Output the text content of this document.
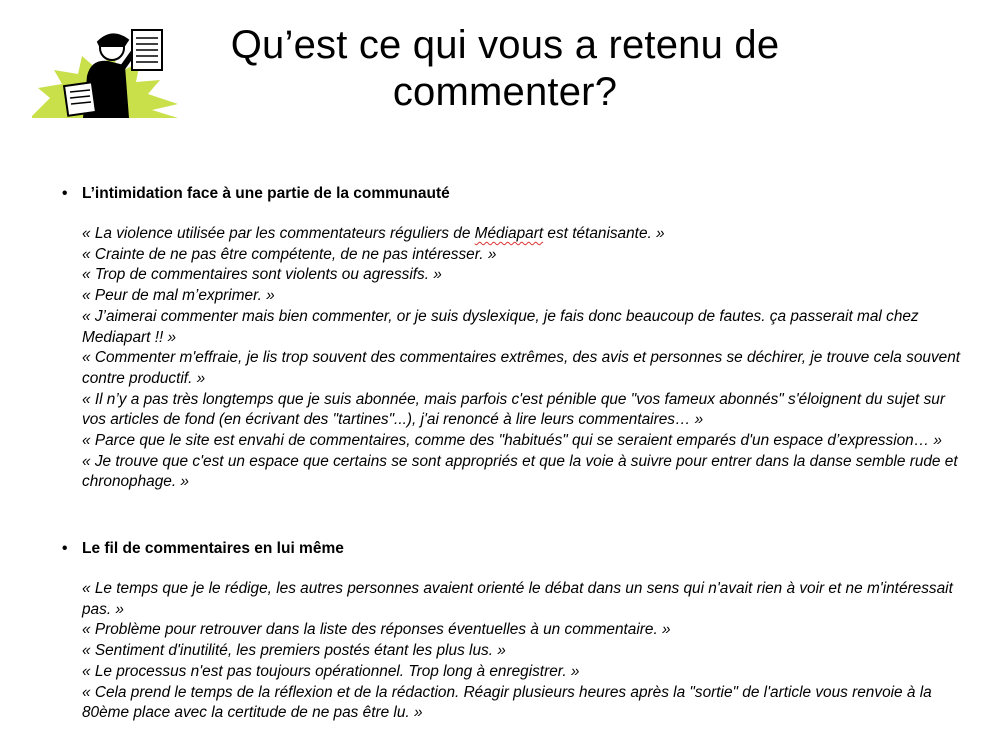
Qu’est ce qui vous a retenu de commenter?

• L’intimidation face à une partie de la communauté

« La violence utilisée par les commentateurs réguliers de Médiapart est tétanisante. »

« Crainte de ne pas être compétente, de ne pas intéresser. »

« Trop de commentaires sont violents ou agressifs. »

« Peur de mal m’exprimer. »

« J’aimerai commenter mais bien commenter, or je suis dyslexique, je fais donc beaucoup de fautes. ça passerait mal chez Mediapart !! »

« Commenter m'effraie, je lis trop souvent des commentaires extrêmes, des avis et personnes se déchirer, je trouve cela souvent contre productif. »

« Il n’y a pas très longtemps que je suis abonnée, mais parfois c'est pénible que "vos fameux abonnés" s'éloignent du sujet sur vos articles de fond (en écrivant des "tartines"...), j'ai renoncé à lire leurs commentaires… »

« Parce que le site est envahi de commentaires, comme des "habitués" qui se seraient emparés d'un espace d’expression… »

« Je trouve que c'est un espace que certains se sont appropriés et que la voie à suivre pour entrer dans la danse semble rude et chronophage. »

• Le fil de commentaires en lui même

« Le temps que je le rédige, les autres personnes avaient orienté le débat dans un sens qui n'avait rien à voir et ne m'intéressait pas. »

« Problème pour retrouver dans la liste des réponses éventuelles à un commentaire. »

« Sentiment d'inutilité, les premiers postés étant les plus lus. »

« Le processus n'est pas toujours opérationnel. Trop long à enregistrer. »

« Cela prend le temps de la réflexion et de la rédaction. Réagir plusieurs heures après la "sortie" de l'article vous renvoie à la 80ème place avec la certitude de ne pas être lu. »
